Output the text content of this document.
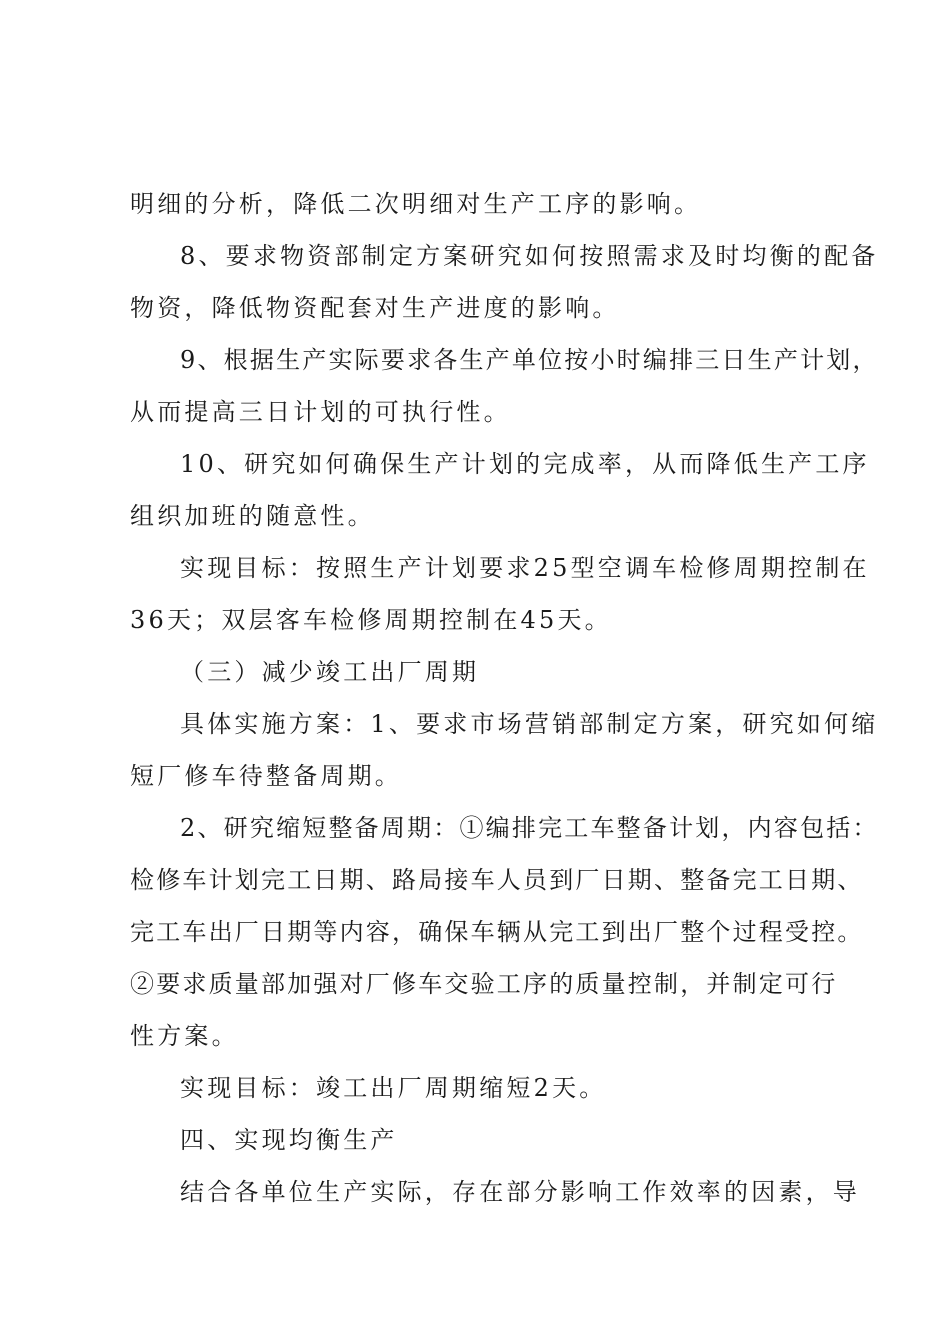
明细的分析，降低二次明细对生产工序的影响。
8、要求物资部制定方案研究如何按照需求及时均衡的配备
物资，降低物资配套对生产进度的影响。
9、根据生产实际要求各生产单位按小时编排三日生产计划，
从而提高三日计划的可执行性。
10、研究如何确保生产计划的完成率，从而降低生产工序
组织加班的随意性。
实现目标：按照生产计划要求25型空调车检修周期控制在
36天；双层客车检修周期控制在45天。
（三）减少竣工出厂周期
具体实施方案：1、要求市场营销部制定方案，研究如何缩
短厂修车待整备周期。
2、研究缩短整备周期：①编排完工车整备计划，内容包括：
检修车计划完工日期、路局接车人员到厂日期、整备完工日期、
完工车出厂日期等内容，确保车辆从完工到出厂整个过程受控。
②要求质量部加强对厂修车交验工序的质量控制，并制定可行
性方案。
实现目标：竣工出厂周期缩短2天。
四、实现均衡生产
结合各单位生产实际，存在部分影响工作效率的因素，导
